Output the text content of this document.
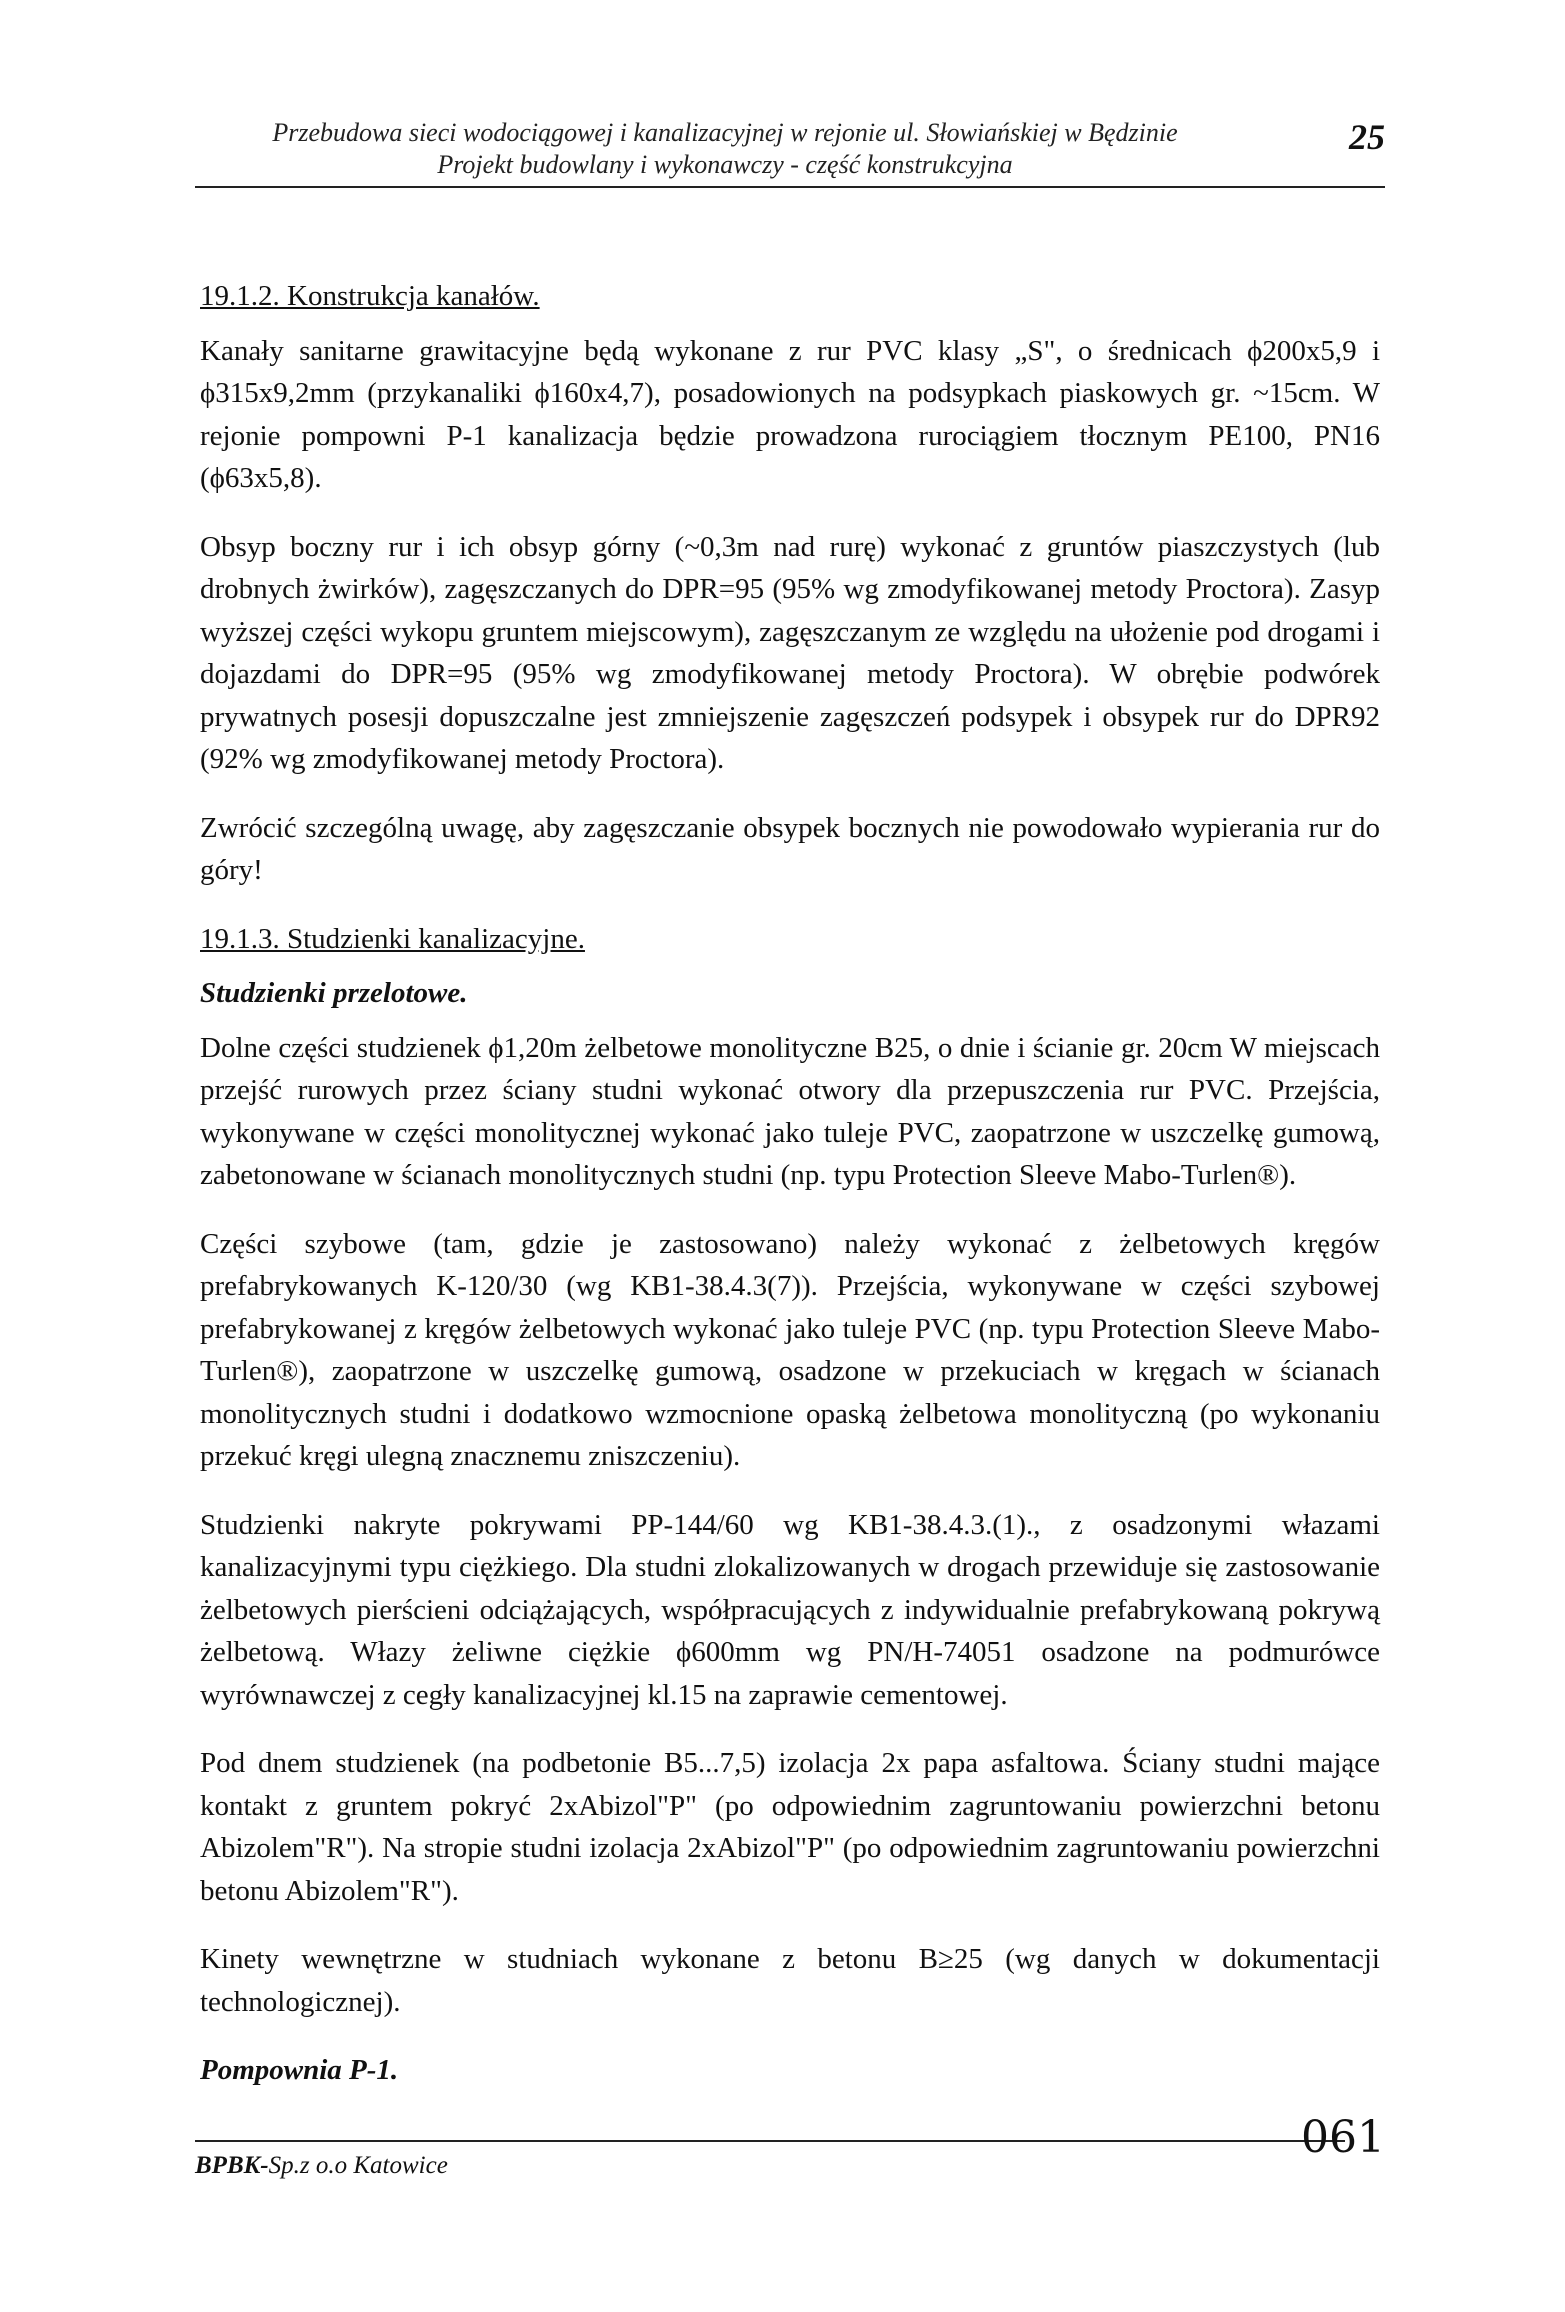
Przebudowa sieci wodociągowej i kanalizacyjnej w rejonie ul. Słowiańskiej w Będzinie
Projekt budowlany i wykonawczy - część konstrukcyjna
25
19.1.2. Konstrukcja kanałów.

Kanały sanitarne grawitacyjne będą wykonane z rur PVC klasy „S", o średnicach ϕ200x5,9 i ϕ315x9,2mm (przykanaliki ϕ160x4,7), posadowionych na podsypkach piaskowych gr. ~15cm. W rejonie pompowni P-1 kanalizacja będzie prowadzona rurociągiem tłocznym PE100, PN16 (ϕ63x5,8).

Obsyp boczny rur i ich obsyp górny (~0,3m nad rurę) wykonać z gruntów piaszczystych (lub drobnych żwirków), zagęszczanych do DPR=95 (95% wg zmodyfikowanej metody Proctora). Zasyp wyższej części wykopu gruntem miejscowym), zagęszczanym ze względu na ułożenie pod drogami i dojazdami do DPR=95 (95% wg zmodyfikowanej metody Proctora). W obrębie podwórek prywatnych posesji dopuszczalne jest zmniejszenie zagęszczeń podsypek i obsypek rur do DPR92 (92% wg zmodyfikowanej metody Proctora).

Zwrócić szczególną uwagę, aby zagęszczanie obsypek bocznych nie powodowało wypierania rur do góry!

19.1.3. Studzienki kanalizacyjne.
Studzienki przelotowe.

Dolne części studzienek ϕ1,20m żelbetowe monolityczne B25, o dnie i ścianie gr. 20cm W miejscach przejść rurowych przez ściany studni wykonać otwory dla przepuszczenia rur PVC. Przejścia, wykonywane w części monolitycznej wykonać jako tuleje PVC, zaopatrzone w uszczelkę gumową, zabetonowane w ścianach monolitycznych studni (np. typu Protection Sleeve Mabo-Turlen®).

Części szybowe (tam, gdzie je zastosowano) należy wykonać z żelbetowych kręgów prefabrykowanych K-120/30 (wg KB1-38.4.3(7)). Przejścia, wykonywane w części szybowej prefabrykowanej z kręgów żelbetowych wykonać jako tuleje PVC (np. typu Protection Sleeve Mabo-Turlen®), zaopatrzone w uszczelkę gumową, osadzone w przekuciach w kręgach w ścianach monolitycznych studni i dodatkowo wzmocnione opaską żelbetowa monolityczną (po wykonaniu przekuć kręgi ulegną znacznemu zniszczeniu).

Studzienki nakryte pokrywami PP-144/60 wg KB1-38.4.3.(1)., z osadzonymi włazami kanalizacyjnymi typu ciężkiego. Dla studni zlokalizowanych w drogach przewiduje się zastosowanie żelbetowych pierścieni odciążających, współpracujących z indywidualnie prefabrykowaną pokrywą żelbetową. Włazy żeliwne ciężkie ϕ600mm wg PN/H-74051 osadzone na podmurówce wyrównawczej z cegły kanalizacyjnej kl.15 na zaprawie cementowej.

Pod dnem studzienek (na podbetonie B5...7,5) izolacja 2x papa asfaltowa. Ściany studni mające kontakt z gruntem pokryć 2xAbizol"P" (po odpowiednim zagruntowaniu powierzchni betonu Abizolem"R"). Na stropie studni izolacja 2xAbizol"P" (po odpowiednim zagruntowaniu powierzchni betonu Abizolem"R").

Kinety wewnętrzne w studniach wykonane z betonu B≥25 (wg danych w dokumentacji technologicznej).

Pompownia P-1.
BPBK-Sp.z o.o Katowice
061
